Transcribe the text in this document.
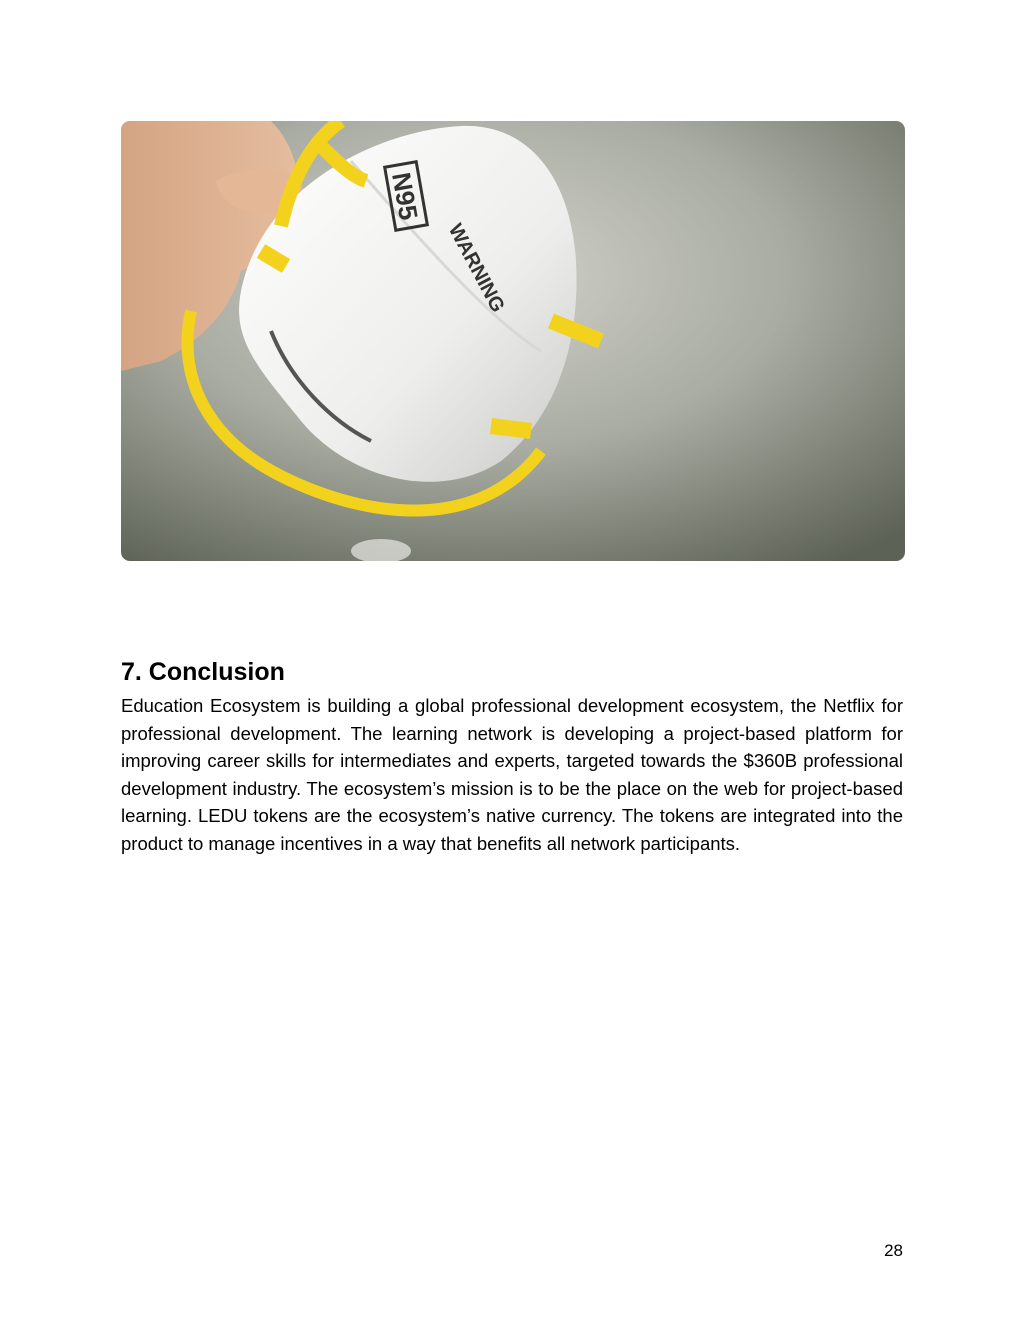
N95
WARNING
7. Conclusion

Education Ecosystem is building a global professional development ecosystem, the Netflix for professional development. The learning network is developing a project-based platform for improving career skills for intermediates and experts, targeted towards the $360B professional development industry. The ecosystem’s mission is to be the place on the web for project-based learning. LEDU tokens are the ecosystem’s native currency. The tokens are integrated into the product to manage incentives in a way that benefits all network participants.

28
